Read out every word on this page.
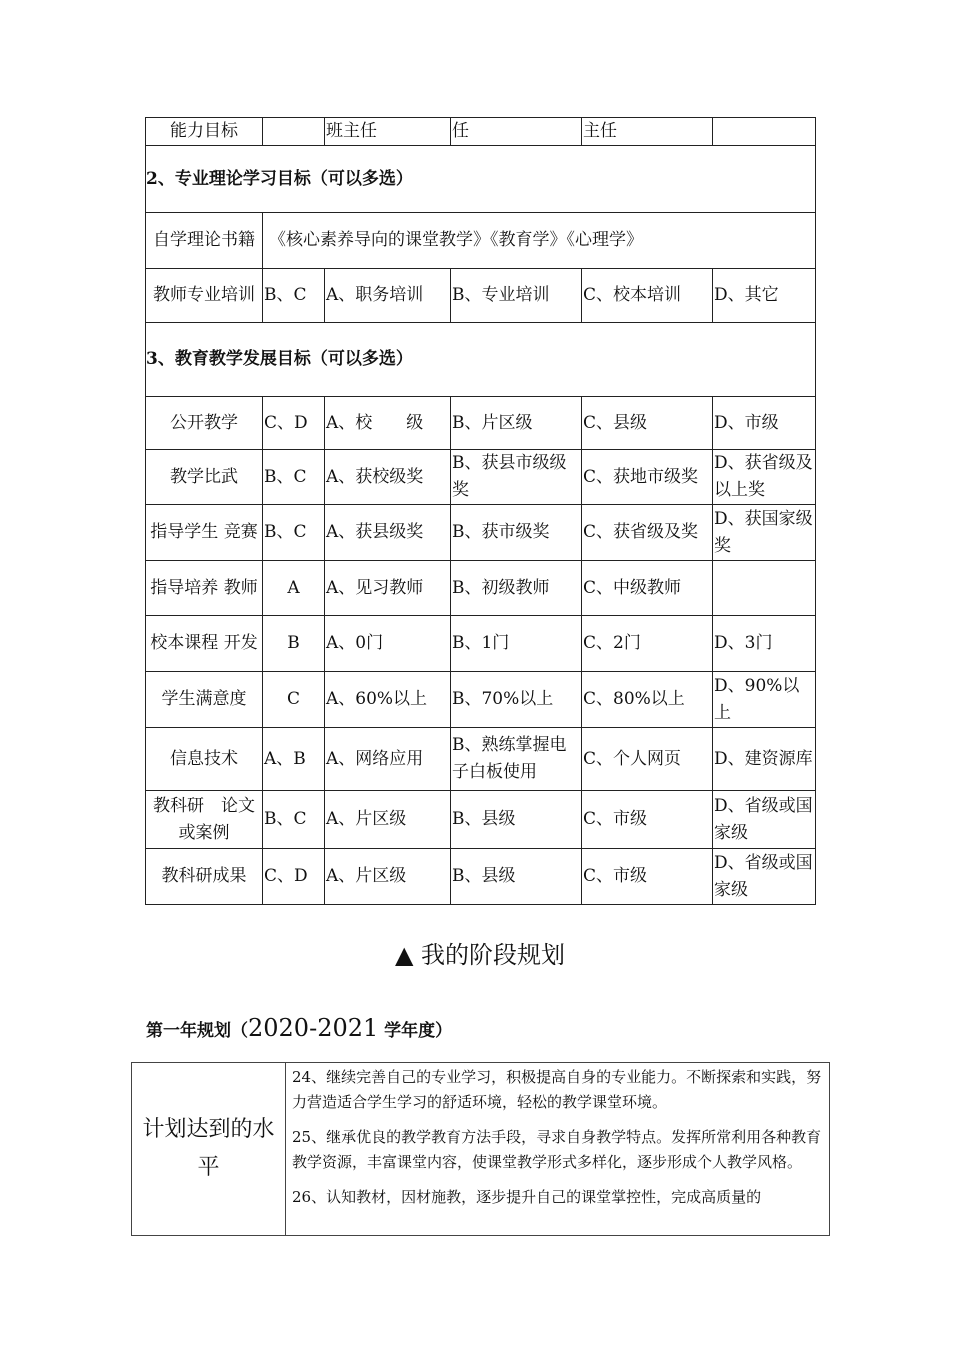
能力目标		班主任	任	主任	
2、专业理论学习目标（可以多选）					
自学理论书籍	《核心素养导向的课堂教学》《教育学》《心理学》				
教师专业培训	B、C	A、职务培训	B、专业培训	C、校本培训	D、其它
3、教育教学发展目标（可以多选）					
公开教学	C、D	A、校　　级	B、片区级	C、县级	D、市级
教学比武	B、C	A、获校级奖	B、获县市级级奖	C、获地市级奖	D、获省级及以上奖
指导学生 竞赛	B、C	A、获县级奖	B、获市级奖	C、获省级及奖	D、获国家级奖
指导培养 教师	A	A、见习教师	B、初级教师	C、中级教师	
校本课程 开发	B	A、0门	B、1门	C、2门	D、3门
学生满意度	C	A、60%以上	B、70%以上	C、80%以上	D、90%以上
信息技术	A、B	A、网络应用	B、熟练掌握电子白板使用	C、个人网页	D、建资源库
教科研　论文或案例	B、C	A、片区级	B、县级	C、市级	D、省级或国家级
教科研成果	C、D	A、片区级	B、县级	C、市级	D、省级或国家级
▲ 我的阶段规划
第一年规划（2020-2021 学年度）
计划达到的水平	

24、继续完善自己的专业学习，积极提高自身的专业能力。不断探索和实践，努力营造适合学生学习的舒适环境，轻松的教学课堂环境。

25、继承优良的教学教育方法手段，寻求自身教学特点。发挥所常利用各种教育教学资源，丰富课堂内容，使课堂教学形式多样化，逐步形成个人教学风格。

26、认知教材，因材施教，逐步提升自己的课堂掌控性，完成高质量的
